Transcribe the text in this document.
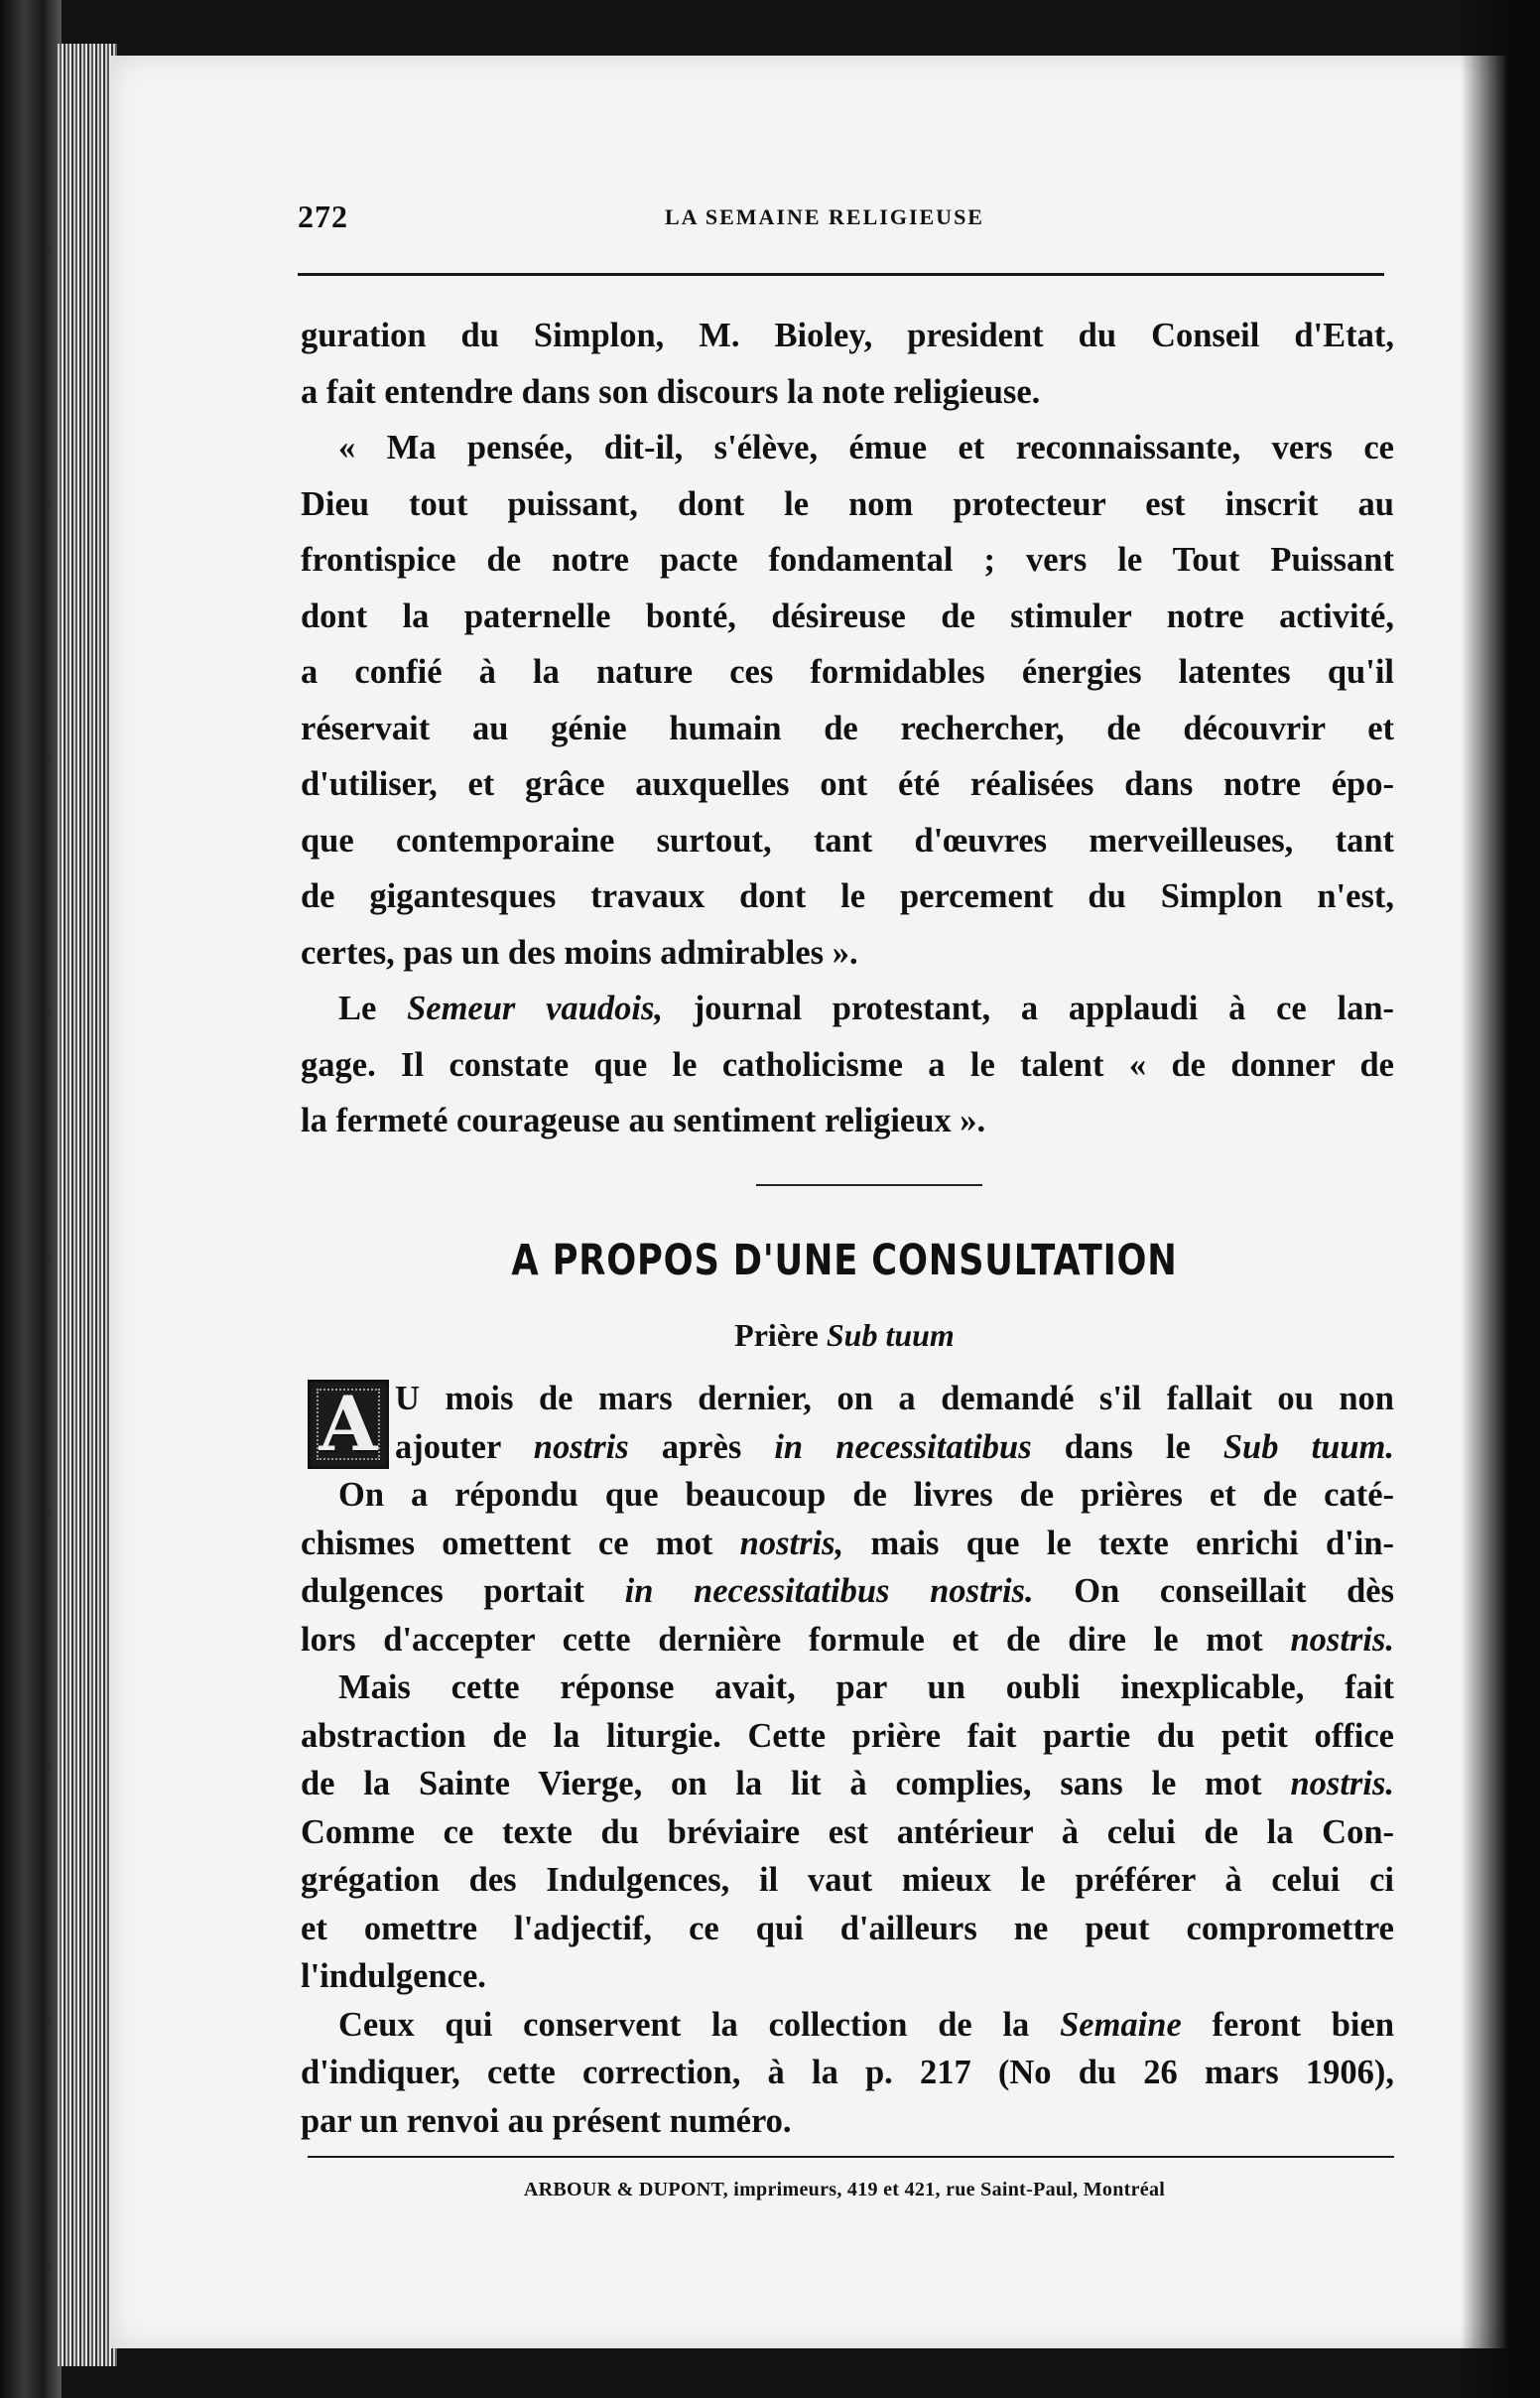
272	LA SEMAINE RELIGIEUSE
guration du Simplon, M. Bioley, president du Conseil d'Etat,
a fait entendre dans son discours la note religieuse.
« Ma pensée, dit-il, s'élève, émue et reconnaissante, vers ce
Dieu tout puissant, dont le nom protecteur est inscrit au
frontispice de notre pacte fondamental ; vers le Tout Puissant
dont la paternelle bonté, désireuse de stimuler notre activité,
a confié à la nature ces formidables énergies latentes qu'il
réservait au génie humain de rechercher, de découvrir et
d'utiliser, et grâce auxquelles ont été réalisées dans notre épo-
que contemporaine surtout, tant d'œuvres merveilleuses, tant
de gigantesques travaux dont le percement du Simplon n'est,
certes, pas un des moins admirables ».
Le Semeur vaudois, journal protestant, a applaudi à ce lan-
gage. Il constate que le catholicisme a le talent « de donner de
la fermeté courageuse au sentiment religieux ».
A PROPOS D'UNE CONSULTATION
Prière Sub tuum
A U mois de mars dernier, on a demandé s'il fallait ou non
ajouter nostris après in necessitatibus dans le Sub tuum.
On a répondu que beaucoup de livres de prières et de caté-
chismes omettent ce mot nostris, mais que le texte enrichi d'in-
dulgences portait in necessitatibus nostris. On conseillait dès
lors d'accepter cette dernière formule et de dire le mot nostris.
Mais cette réponse avait, par un oubli inexplicable, fait
abstraction de la liturgie. Cette prière fait partie du petit office
de la Sainte Vierge, on la lit à complies, sans le mot nostris.
Comme ce texte du bréviaire est antérieur à celui de la Con-
grégation des Indulgences, il vaut mieux le préférer à celui ci
et omettre l'adjectif, ce qui d'ailleurs ne peut compromettre
l'indulgence.
Ceux qui conservent la collection de la Semaine feront bien
d'indiquer, cette correction, à la p. 217 (No du 26 mars 1906),
par un renvoi au présent numéro.
ARBOUR & DUPONT, imprimeurs, 419 et 421, rue Saint-Paul, Montréal
